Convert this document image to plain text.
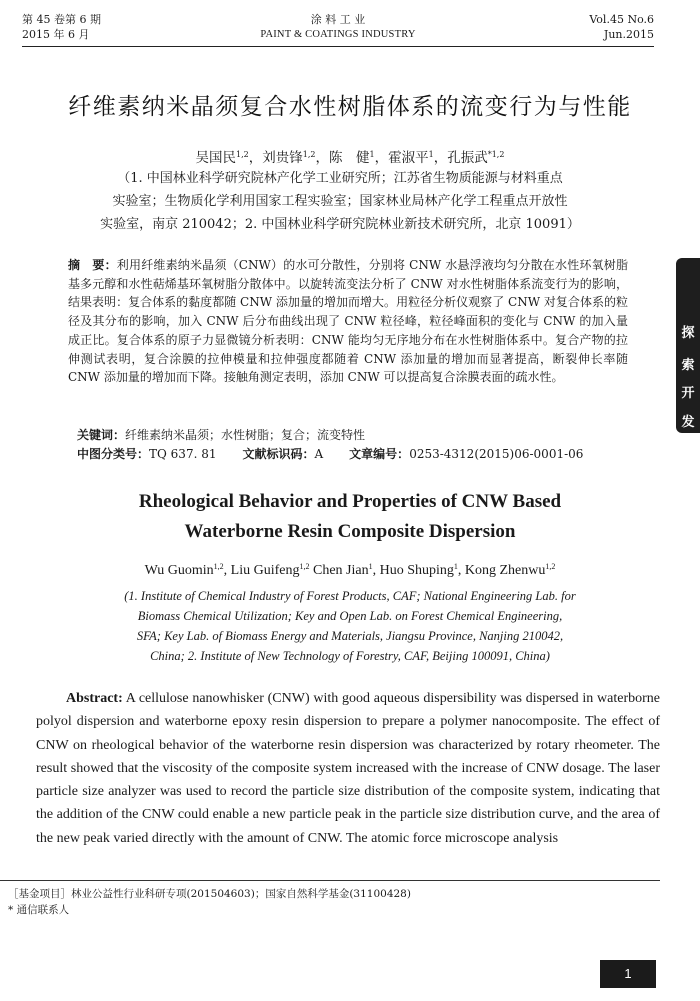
第 45 卷第 6 期
2015 年 6 月
涂 料 工 业
PAINT & COATINGS INDUSTRY
Vol.45 No.6
Jun.2015
纤维素纳米晶须复合水性树脂体系的流变行为与性能
吴国民$^{1,2}$，刘贵锋$^{1,2}$，陈　健$^1$，霍淑平$^1$，孔振武$^{*1,2}$
（1. 中国林业科学研究院林产化学工业研究所；江苏省生物质能源与材料重点
实验室；生物质化学利用国家工程实验室；国家林业局林产化学工程重点开放性
实验室，南京 210042；2. 中国林业科学研究院林业新技术研究所，北京 10091）
摘　要：利用纤维素纳米晶须（CNW）的水可分散性，分别将 CNW 水悬浮液均匀分散在水性环氧树脂基多元醇和水性萜烯基环氧树脂分散体中。以旋转流变法分析了 CNW 对水性树脂体系流变行为的影响，结果表明：复合体系的黏度都随 CNW 添加量的增加而增大。用粒径分析仪观察了 CNW 对复合体系的粒径及其分布的影响，加入 CNW 后分布曲线出现了 CNW 粒径峰，粒径峰面积的变化与 CNW 的加入量成正比。复合体系的原子力显微镜分析表明：CNW 能均匀无序地分布在水性树脂体系中。复合产物的拉伸测试表明，复合涂膜的拉伸模量和拉伸强度都随着 CNW 添加量的增加而显著提高，断裂伸长率随 CNW 添加量的增加而下降。接触角测定表明，添加 CNW 可以提高复合涂膜表面的疏水性。
关键词：纤维素纳米晶须；水性树脂；复合；流变特性
中图分类号：TQ 637. 81 文献标识码：A 文章编号：0253-4312(2015)06-0001-06
Rheological Behavior and Properties of CNW Based
Waterborne Resin Composite Dispersion
Wu Guomin$^{1,2}$, Liu Guifeng$^{1,2}$ Chen Jian$^1$, Huo Shuping$^1$, Kong Zhenwu$^{1,2}$
(1. Institute of Chemical Industry of Forest Products, CAF; National Engineering Lab. for
Biomass Chemical Utilization; Key and Open Lab. on Forest Chemical Engineering,
SFA; Key Lab. of Biomass Energy and Materials, Jiangsu Province, Nanjing 210042,
China; 2. Institute of New Technology of Forestry, CAF, Beijing 100091, China)

Abstract: A cellulose nanowhisker (CNW) with good aqueous dispersibility was dispersed in waterborne polyol dispersion and waterborne epoxy resin dispersion to prepare a polymer nanocomposite. The effect of CNW on rheological behavior of the waterborne resin dispersion was characterized by rotary rheometer. The result showed that the viscosity of the composite system increased with the increase of CNW dosage. The laser particle size analyzer was used to record the particle size distribution of the composite system, indicating that the addition of the CNW could enable a new particle peak in the particle size distribution curve, and the area of the new peak varied directly with the amount of CNW. The atomic force microscope analysis

［基金项目］林业公益性行业科研专项(201504603)；国家自然科学基金(31100428)
* 通信联系人
1
探
索
开
发
